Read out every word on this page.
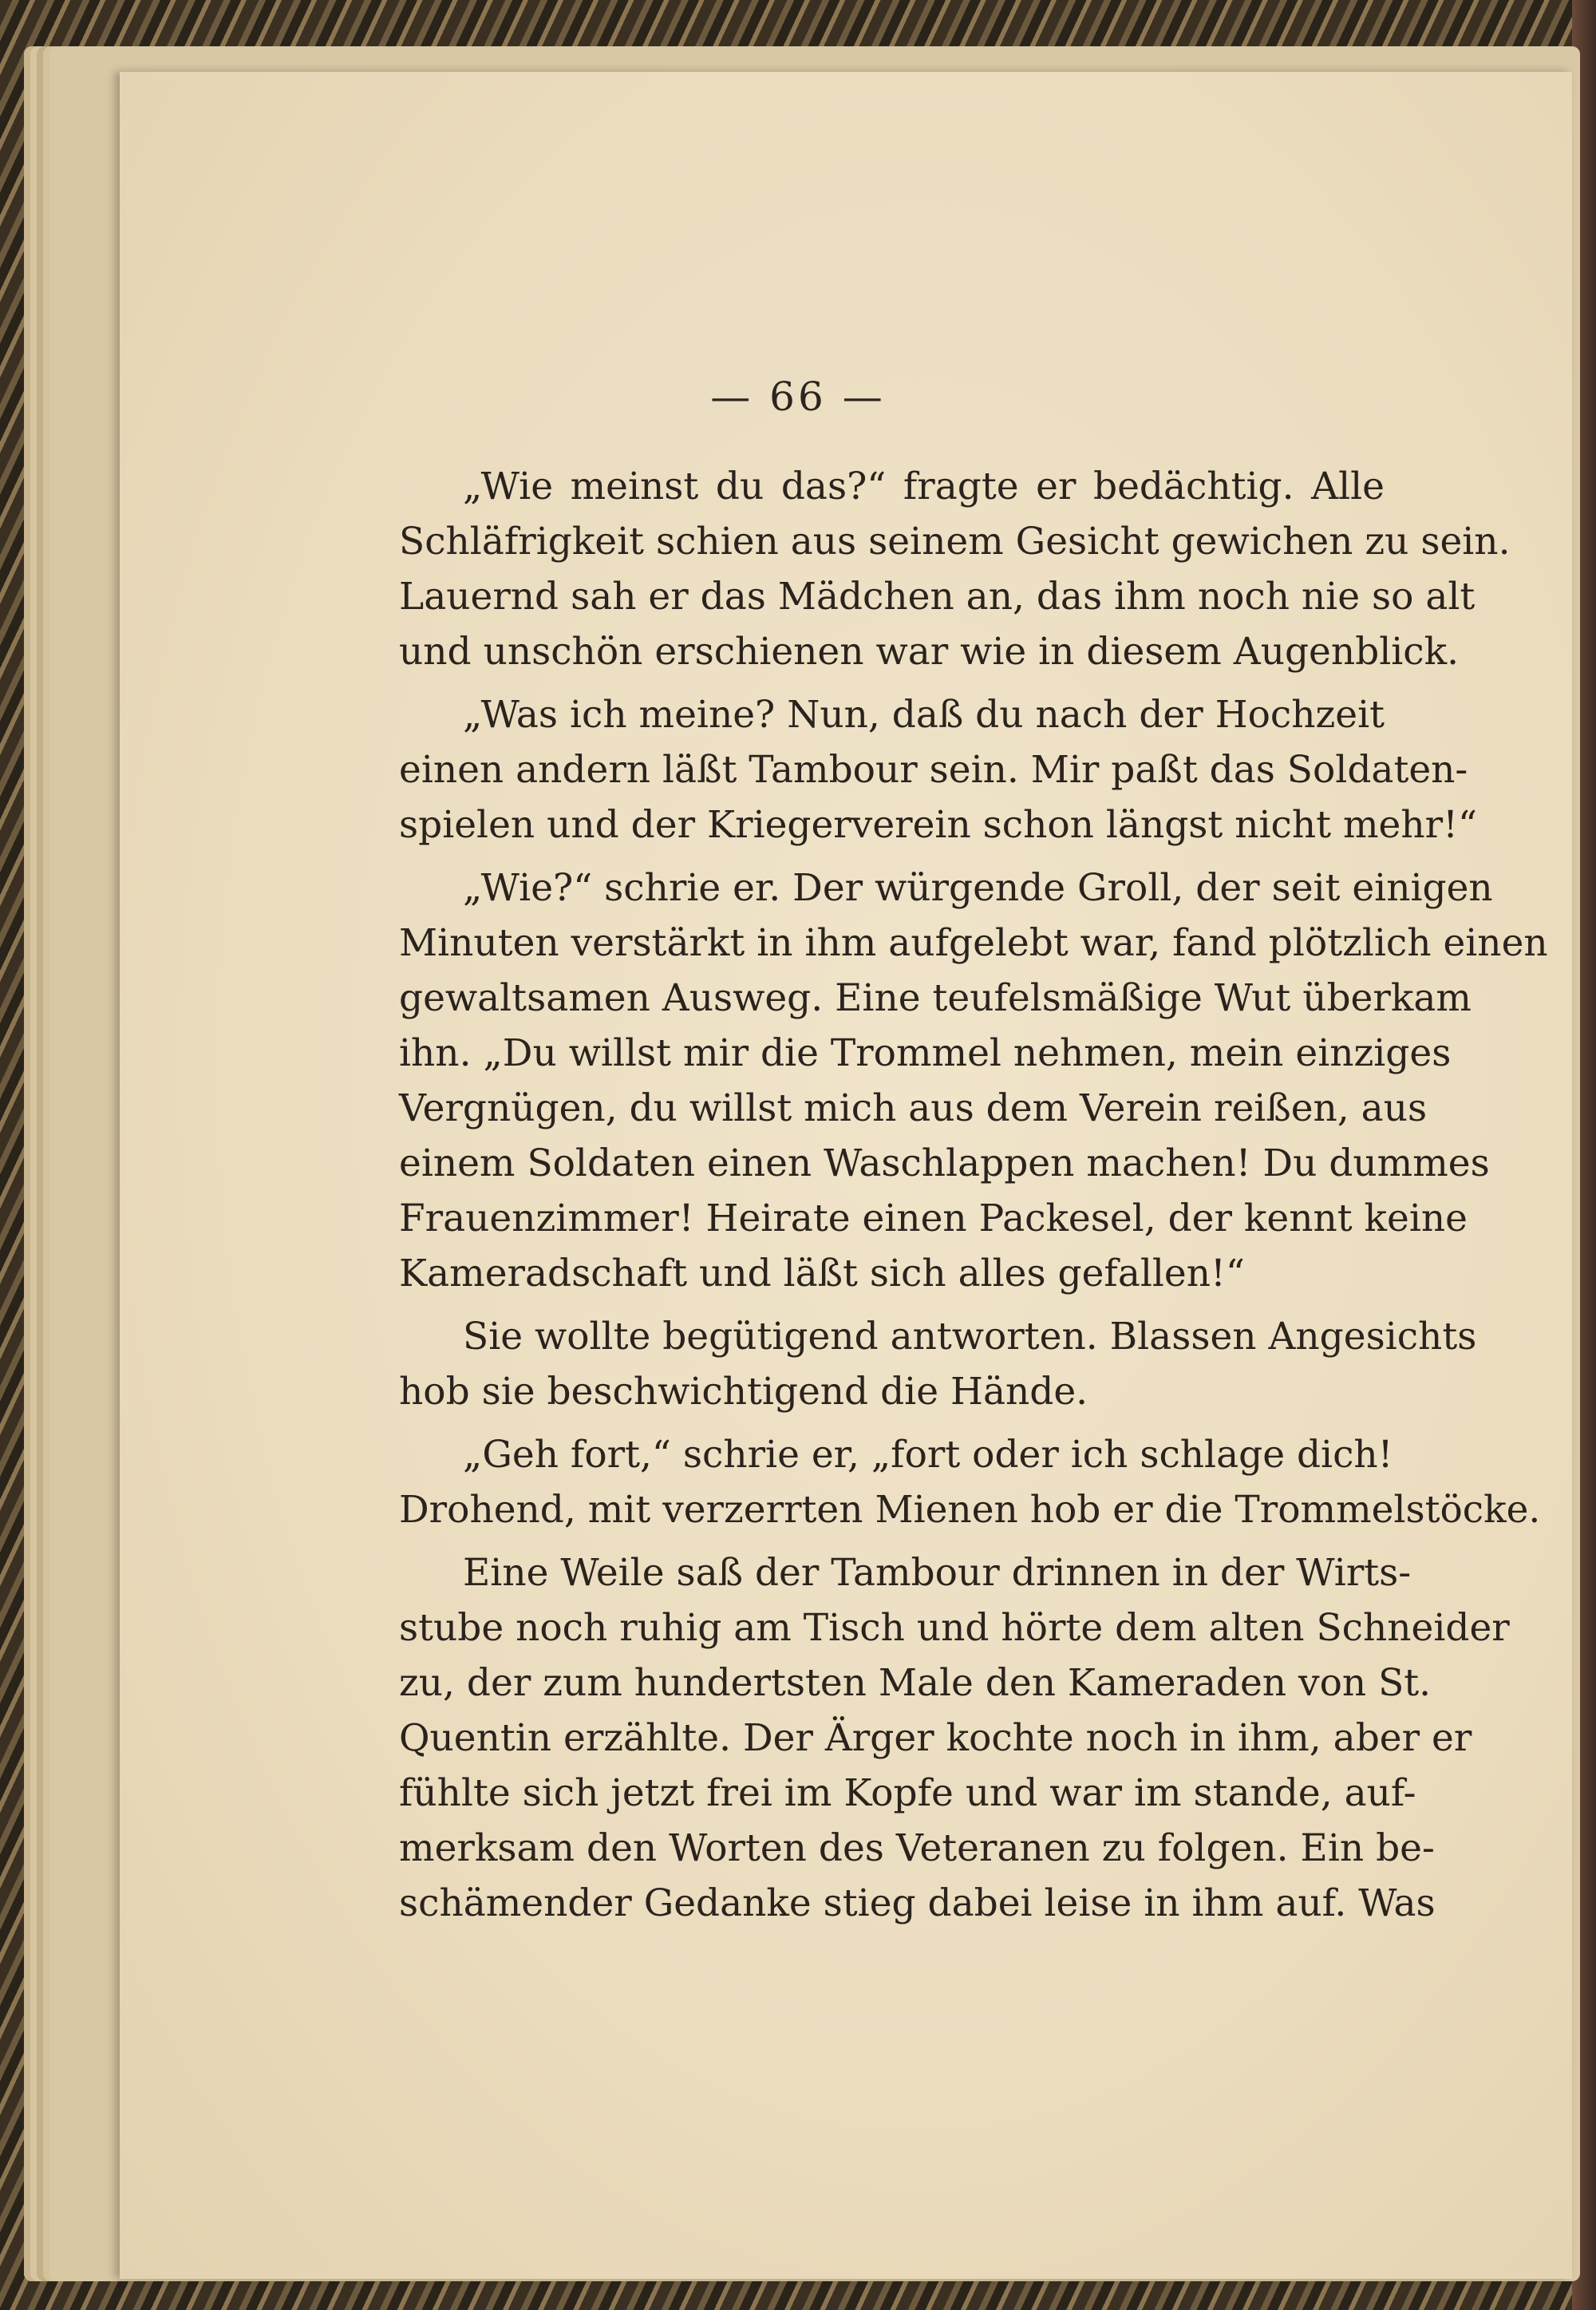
— 66 —
„Wie meinst du das?“ fragte er bedächtig. Alle
Schläfrigkeit schien aus seinem Gesicht gewichen zu sein.
Lauernd sah er das Mädchen an, das ihm noch nie so alt
und unschön erschienen war wie in diesem Augenblick.
„Was ich meine? Nun, daß du nach der Hochzeit
einen andern läßt Tambour sein. Mir paßt das Soldaten-
spielen und der Kriegerverein schon längst nicht mehr!“
„Wie?“ schrie er. Der würgende Groll, der seit einigen
Minuten verstärkt in ihm aufgelebt war, fand plötzlich einen
gewaltsamen Ausweg. Eine teufelsmäßige Wut überkam
ihn. „Du willst mir die Trommel nehmen, mein einziges
Vergnügen, du willst mich aus dem Verein reißen, aus
einem Soldaten einen Waschlappen machen! Du dummes
Frauenzimmer! Heirate einen Packesel, der kennt keine
Kameradschaft und läßt sich alles gefallen!“
Sie wollte begütigend antworten. Blassen Angesichts
hob sie beschwichtigend die Hände.
„Geh fort,“ schrie er, „fort oder ich schlage dich!
Drohend, mit verzerrten Mienen hob er die Trommelstöcke.
Eine Weile saß der Tambour drinnen in der Wirts-
stube noch ruhig am Tisch und hörte dem alten Schneider
zu, der zum hundertsten Male den Kameraden von St.
Quentin erzählte. Der Ärger kochte noch in ihm, aber er
fühlte sich jetzt frei im Kopfe und war im stande, auf-
merksam den Worten des Veteranen zu folgen. Ein be-
schämender Gedanke stieg dabei leise in ihm auf. Was
